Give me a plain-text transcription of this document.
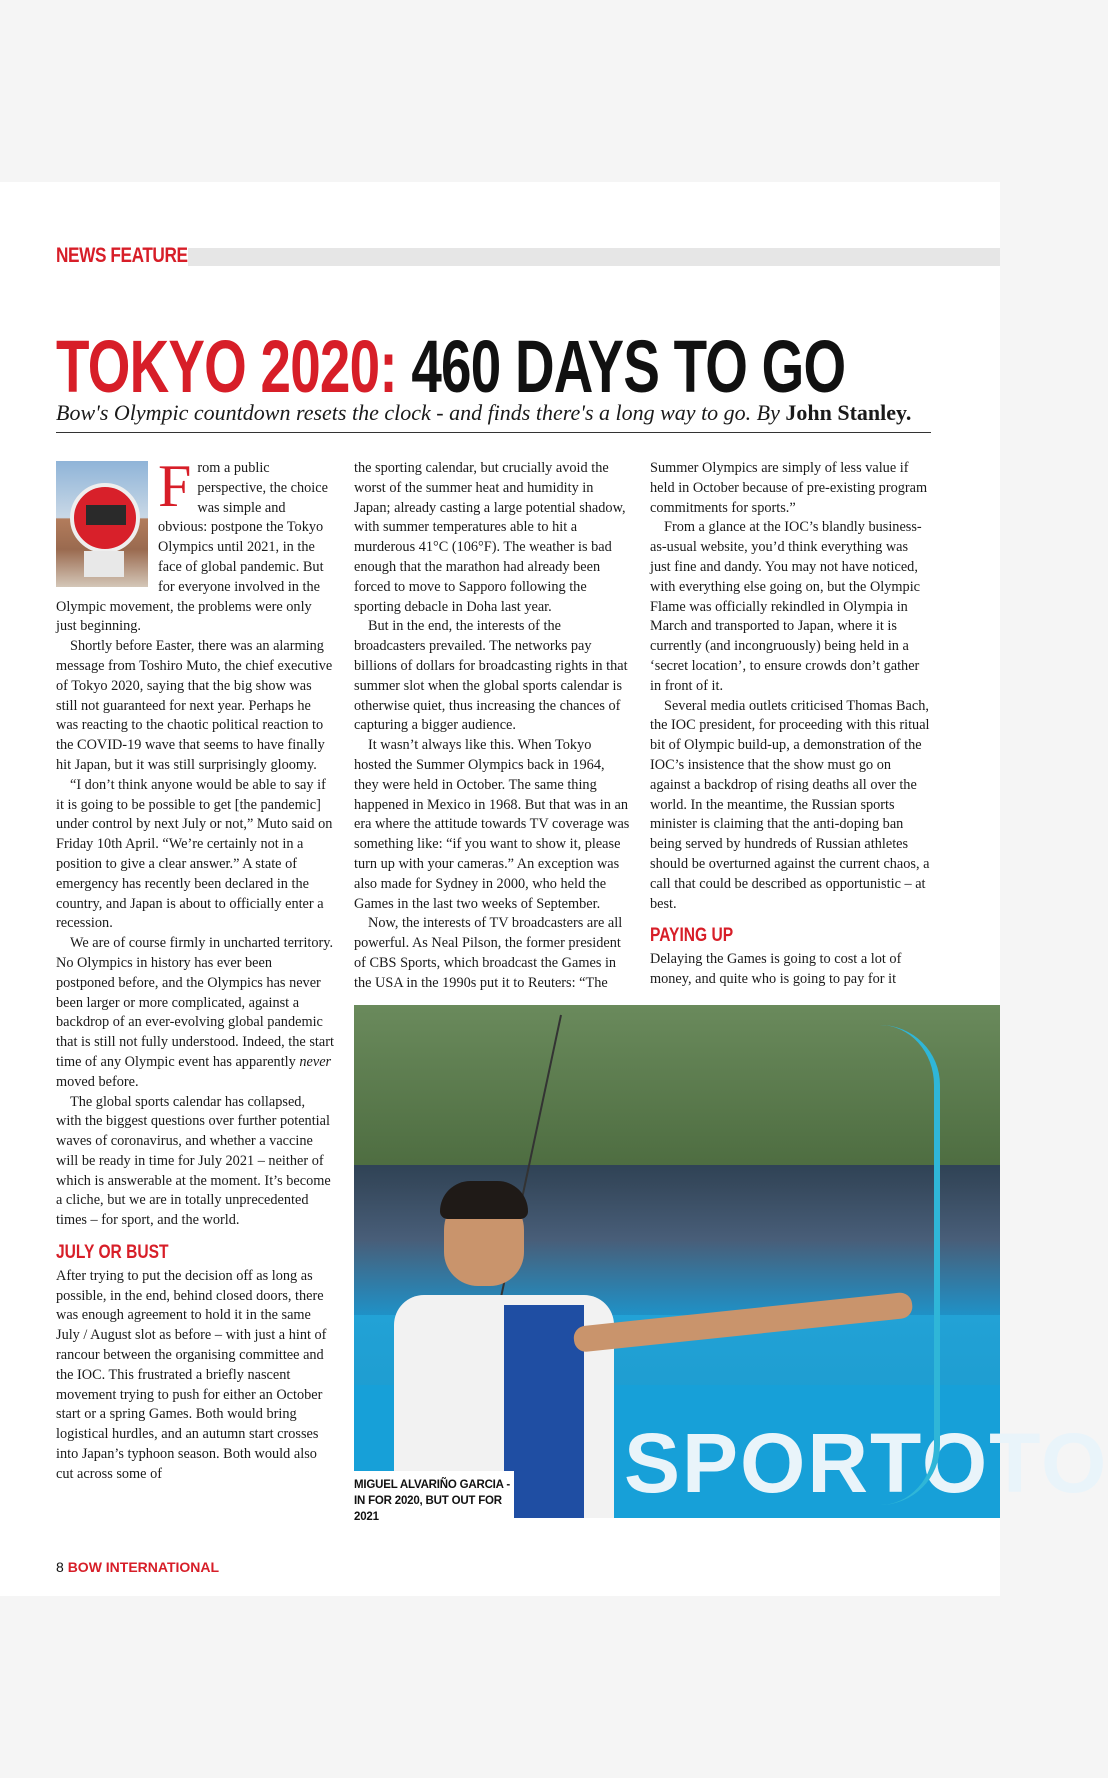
NEWS FEATURE
TOKYO 2020: 460 DAYS TO GO
Bow's Olympic countdown resets the clock - and finds there's a long way to go. By John Stanley.

From a public perspective, the choice was simple and obvious: postpone the Tokyo Olympics until 2021, in the face of global pandemic. But for everyone involved in the Olympic movement, the problems were only just beginning.

Shortly before Easter, there was an alarming message from Toshiro Muto, the chief executive of Tokyo 2020, saying that the big show was still not guaranteed for next year. Perhaps he was reacting to the chaotic political reaction to the COVID-19 wave that seems to have finally hit Japan, but it was still surprisingly gloomy.

“I don’t think anyone would be able to say if it is going to be possible to get [the pandemic] under control by next July or not,” Muto said on Friday 10th April. “We’re certainly not in a position to give a clear answer.” A state of emergency has recently been declared in the country, and Japan is about to officially enter a recession.

We are of course firmly in uncharted territory. No Olympics in history has ever been postponed before, and the Olympics has never been larger or more complicated, against a backdrop of an ever-evolving global pandemic that is still not fully understood. Indeed, the start time of any Olympic event has apparently never moved before.

The global sports calendar has collapsed, with the biggest questions over further potential waves of coronavirus, and whether a vaccine will be ready in time for July 2021 – neither of which is answerable at the moment. It’s become a cliche, but we are in totally unprecedented times – for sport, and the world.

JULY OR BUST

After trying to put the decision off as long as possible, in the end, behind closed doors, there was enough agreement to hold it in the same July / August slot as before – with just a hint of rancour between the organising committee and the IOC. This frustrated a briefly nascent movement trying to push for either an October start or a spring Games. Both would bring logistical hurdles, and an autumn start crosses into Japan’s typhoon season. Both would also cut across some of

the sporting calendar, but crucially avoid the worst of the summer heat and humidity in Japan; already casting a large potential shadow, with summer temperatures able to hit a murderous 41°C (106°F). The weather is bad enough that the marathon had already been forced to move to Sapporo following the sporting debacle in Doha last year.

But in the end, the interests of the broadcasters prevailed. The networks pay billions of dollars for broadcasting rights in that summer slot when the global sports calendar is otherwise quiet, thus increasing the chances of capturing a bigger audience.

It wasn’t always like this. When Tokyo hosted the Summer Olympics back in 1964, they were held in October. The same thing happened in Mexico in 1968. But that was in an era where the attitude towards TV coverage was something like: “if you want to show it, please turn up with your cameras.” An exception was also made for Sydney in 2000, who held the Games in the last two weeks of September.

Now, the interests of TV broadcasters are all powerful. As Neal Pilson, the former president of CBS Sports, which broadcast the Games in the USA in the 1990s put it to Reuters: “The

Summer Olympics are simply of less value if held in October because of pre-existing program commitments for sports.”

From a glance at the IOC’s blandly business-as-usual website, you’d think everything was just fine and dandy. You may not have noticed, with everything else going on, but the Olympic Flame was officially rekindled in Olympia in March and transported to Japan, where it is currently (and incongruously) being held in a ‘secret location’, to ensure crowds don’t gather in front of it.

Several media outlets criticised Thomas Bach, the IOC president, for proceeding with this ritual bit of Olympic build-up, a demonstration of the IOC’s insistence that the show must go on against a backdrop of rising deaths all over the world. In the meantime, the Russian sports minister is claiming that the anti-doping ban being served by hundreds of Russian athletes should be overturned against the current chaos, a call that could be described as opportunistic – at best.

PAYING UP

Delaying the Games is going to cost a lot of money, and quite who is going to pay for it

SPORTOTO
MIGUEL ALVARIÑO GARCIA -
IN FOR 2020, BUT OUT FOR 2021
8 BOW INTERNATIONAL
